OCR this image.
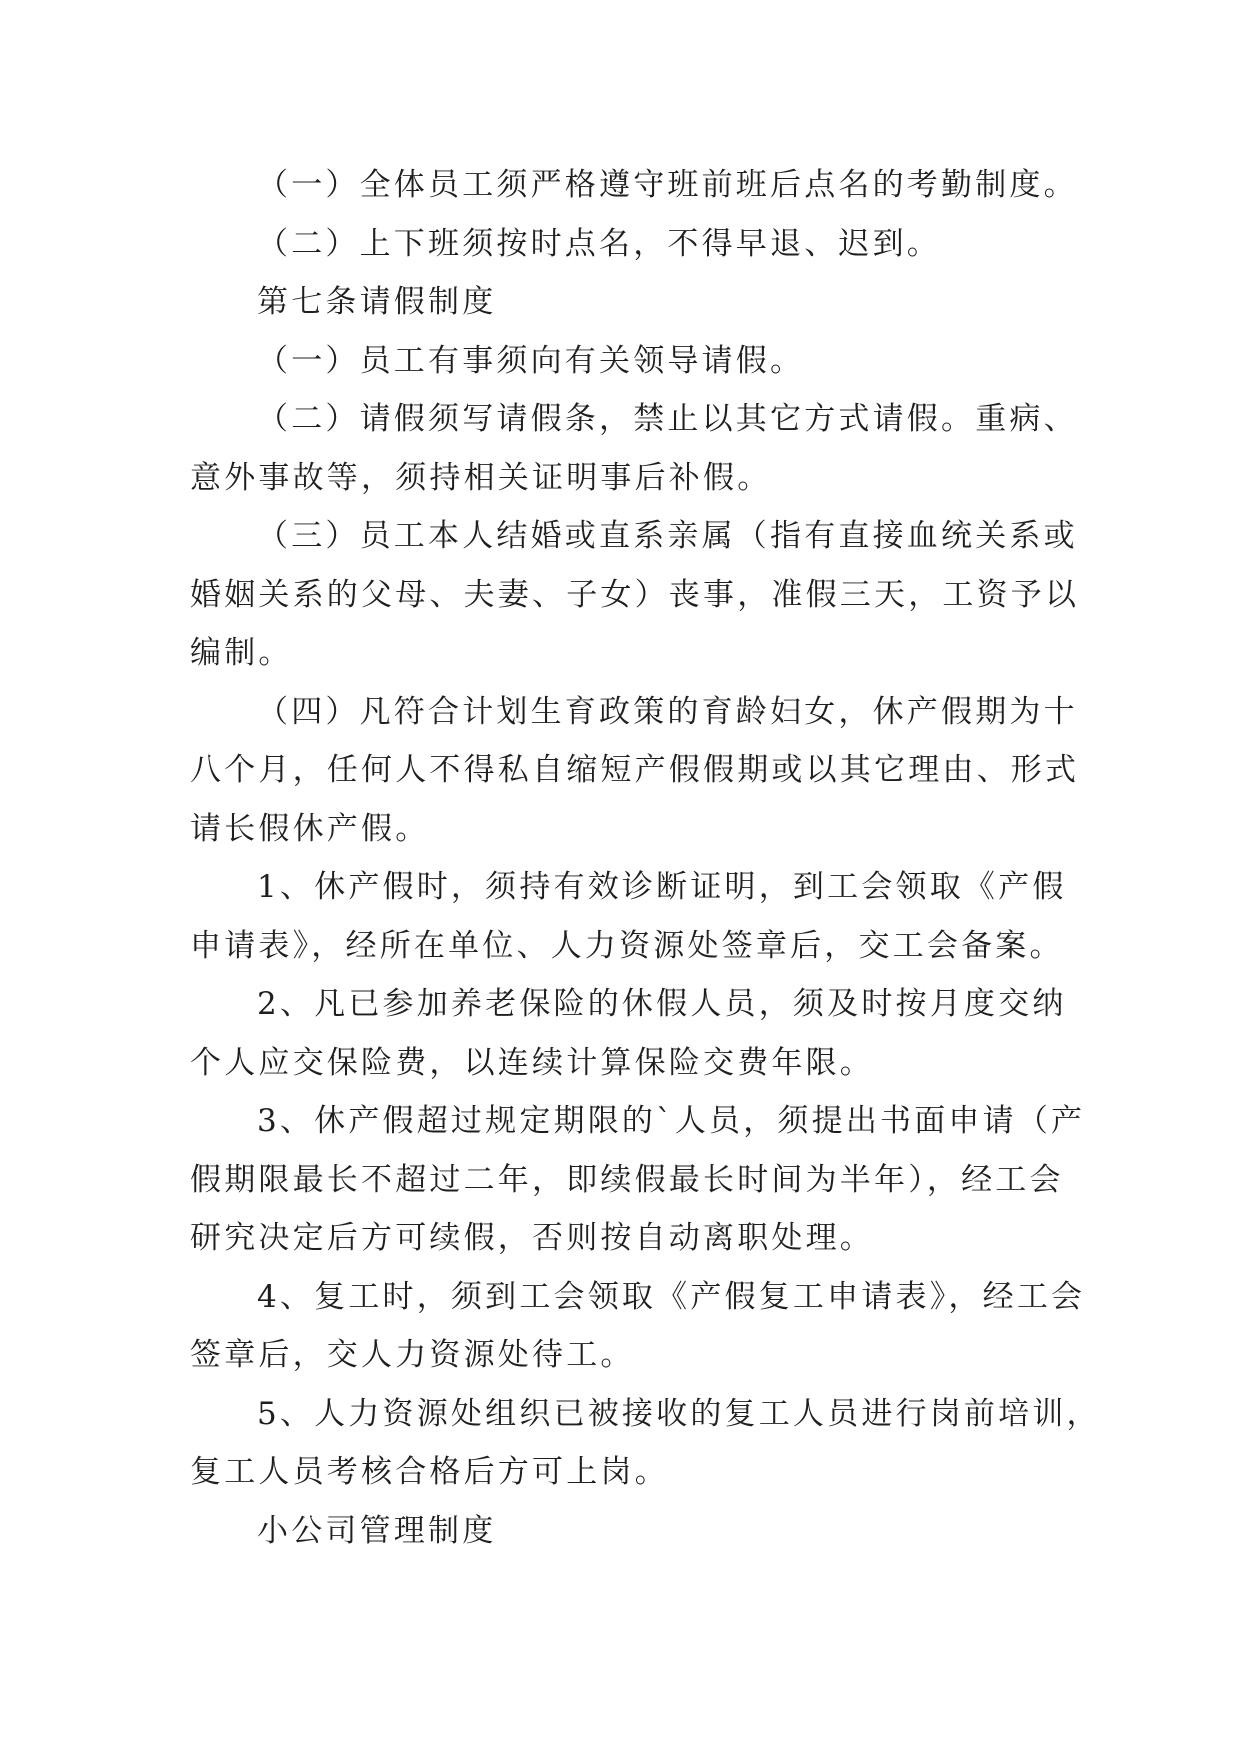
（一）全体员工须严格遵守班前班后点名的考勤制度。
（二）上下班须按时点名，不得早退、迟到。
第七条请假制度
（一）员工有事须向有关领导请假。
（二）请假须写请假条，禁止以其它方式请假。重病、
意外事故等，须持相关证明事后补假。
（三）员工本人结婚或直系亲属（指有直接血统关系或
婚姻关系的父母、夫妻、子女）丧事，准假三天，工资予以
编制。
（四）凡符合计划生育政策的育龄妇女，休产假期为十
八个月，任何人不得私自缩短产假假期或以其它理由、形式
请长假休产假。
1、休产假时，须持有效诊断证明，到工会领取《产假
申请表》，经所在单位、人力资源处签章后，交工会备案。
2、凡已参加养老保险的休假人员，须及时按月度交纳
个人应交保险费，以连续计算保险交费年限。
3、休产假超过规定期限的`人员，须提出书面申请（产
假期限最长不超过二年，即续假最长时间为半年），经工会
研究决定后方可续假，否则按自动离职处理。
4、复工时，须到工会领取《产假复工申请表》，经工会
签章后，交人力资源处待工。
5、人力资源处组织已被接收的复工人员进行岗前培训，
复工人员考核合格后方可上岗。
小公司管理制度
